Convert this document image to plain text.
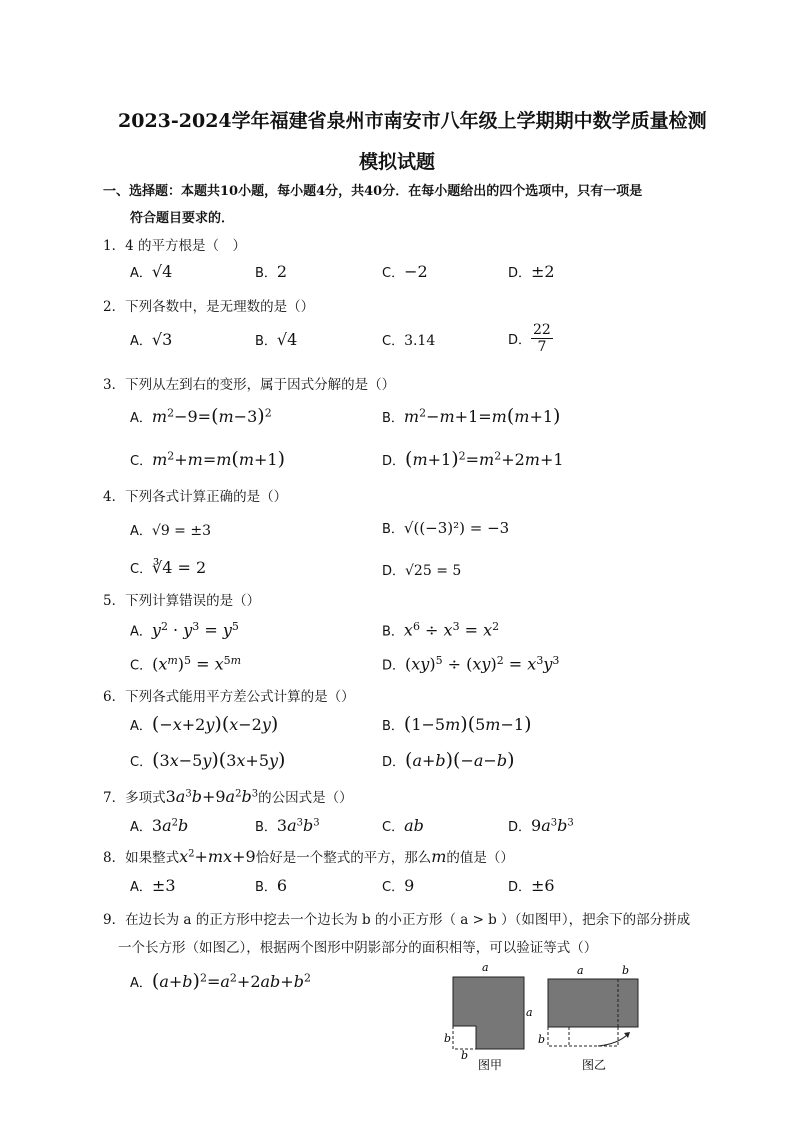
2023-2024学年福建省泉州市南安市八年级上学期期中数学质量检测
模拟试题
一、选择题：本题共10小题，每小题4分，共40分．在每小题给出的四个选项中，只有一项是
符合题目要求的．
1．4 的平方根是（　）
A．√4	B．2	C．−2	D．±2
2．下列各数中，是无理数的是（）
A．√3	B．√4	C．3.14	D． $\frac{22}{7}$
3．下列从左到右的变形，属于因式分解的是（）
A．$m^2-9=(m-3)^2$	B．$m^2-m+1=m(m+1)$
C．$m^2+m=m(m+1)$	D．$(m+1)^2=m^2+2m+1$
4．下列各式计算正确的是（）
A．√9 = ±3	B．√((−3)²) = −3
C．∛4 = 2	D．√25 = 5
5．下列计算错误的是（）
A．$y^2 \cdot y^3 = y^5$	B．$x^6 \div x^3 = x^2$
C．$(x^m)^5 = x^{5m}$	D．$(xy)^5 \div (xy)^2 = x^3y^3$
6．下列各式能用平方差公式计算的是（）
A．(−x+2y)(x−2y)	B．(1−5m)(5m−1)
C．(3x−5y)(3x+5y)	D．(a+b)(−a−b)
7．多项式$3a^3b+9a^2b^3$的公因式是（）
A．$3a^2b$	B．$3a^3b^3$	C．ab	D．$9a^3b^3$
8．如果整式$x^2+mx+9$恰好是一个整式的平方，那么m的值是（）
A．±3	B．6	C．9	D．±6
9．在边长为 a 的正方形中挖去一个边长为 b 的小正方形（ a > b ）（如图甲），把余下的部分拼成
一个长方形（如图乙），根据两个图形中阴影部分的面积相等，可以验证等式（）
A．$(a+b)^2=a^2+2ab+b^2$
a
a
b
b
图甲
a	b
b
图乙
